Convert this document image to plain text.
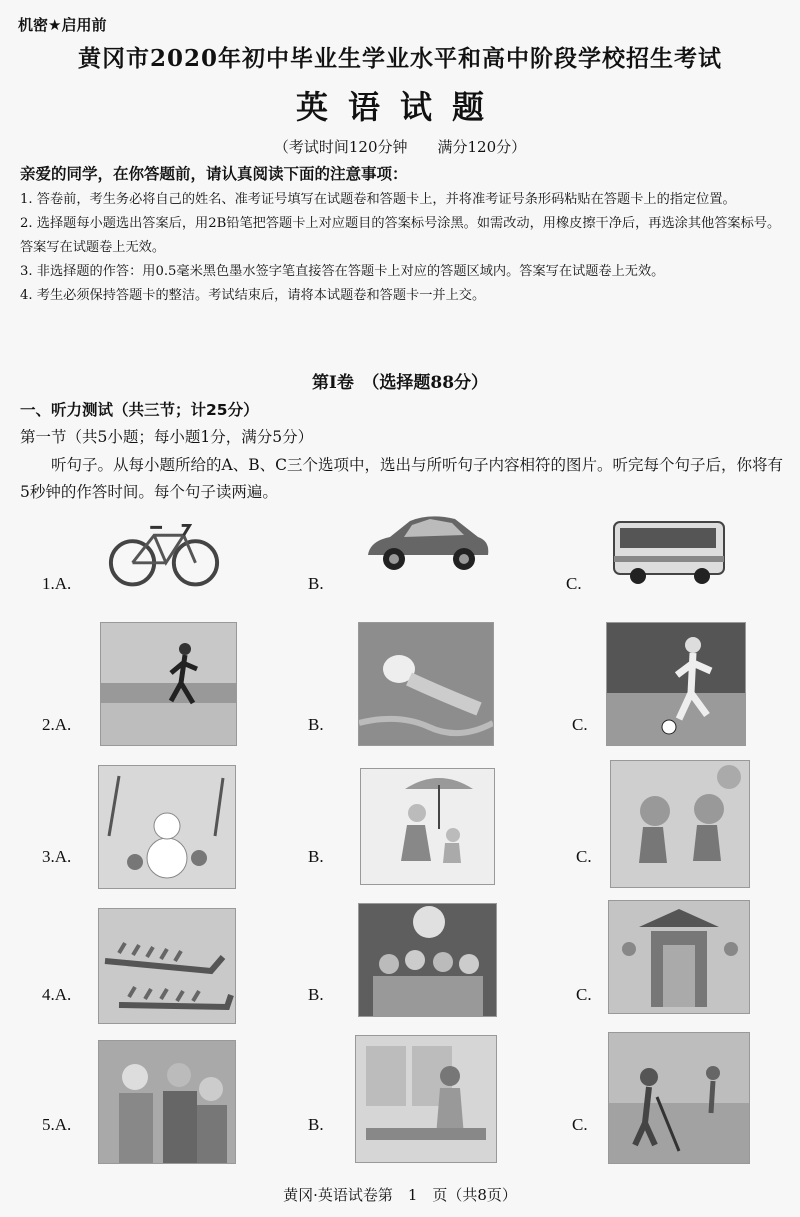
机密★启用前
黄冈市2020年初中毕业生学业水平和高中阶段学校招生考试
英语试题
（考试时间120分钟　　满分120分）
亲爱的同学，在你答题前，请认真阅读下面的注意事项：

1. 答卷前，考生务必将自己的姓名、准考证号填写在试题卷和答题卡上，并将准考证号条形码粘贴在答题卡上的指定位置。

2. 选择题每小题选出答案后，用2B铅笔把答题卡上对应题目的答案标号涂黑。如需改动，用橡皮擦干净后，再选涂其他答案标号。答案写在试题卷上无效。

3. 非选择题的作答：用0.5毫米黑色墨水签字笔直接答在答题卡上对应的答题区域内。答案写在试题卷上无效。

4. 考生必须保持答题卡的整洁。考试结束后，请将本试题卷和答题卡一并上交。

第Ⅰ卷　（选择题88分）
一、听力测试（共三节；计25分）
第一节（共5小题；每小题1分，满分5分）
听句子。从每小题所给的A、B、C三个选项中，选出与所听句子内容相符的图片。听完每个句子后，你将有5秒钟的作答时间。每个句子读两遍。
1.A.	B.	C.
2.A.	B.	C.
3.A.	B.	C.
4.A.	B.	C.
5.A.	B.	C.
黄冈·英语试卷第　1　页（共8页）
